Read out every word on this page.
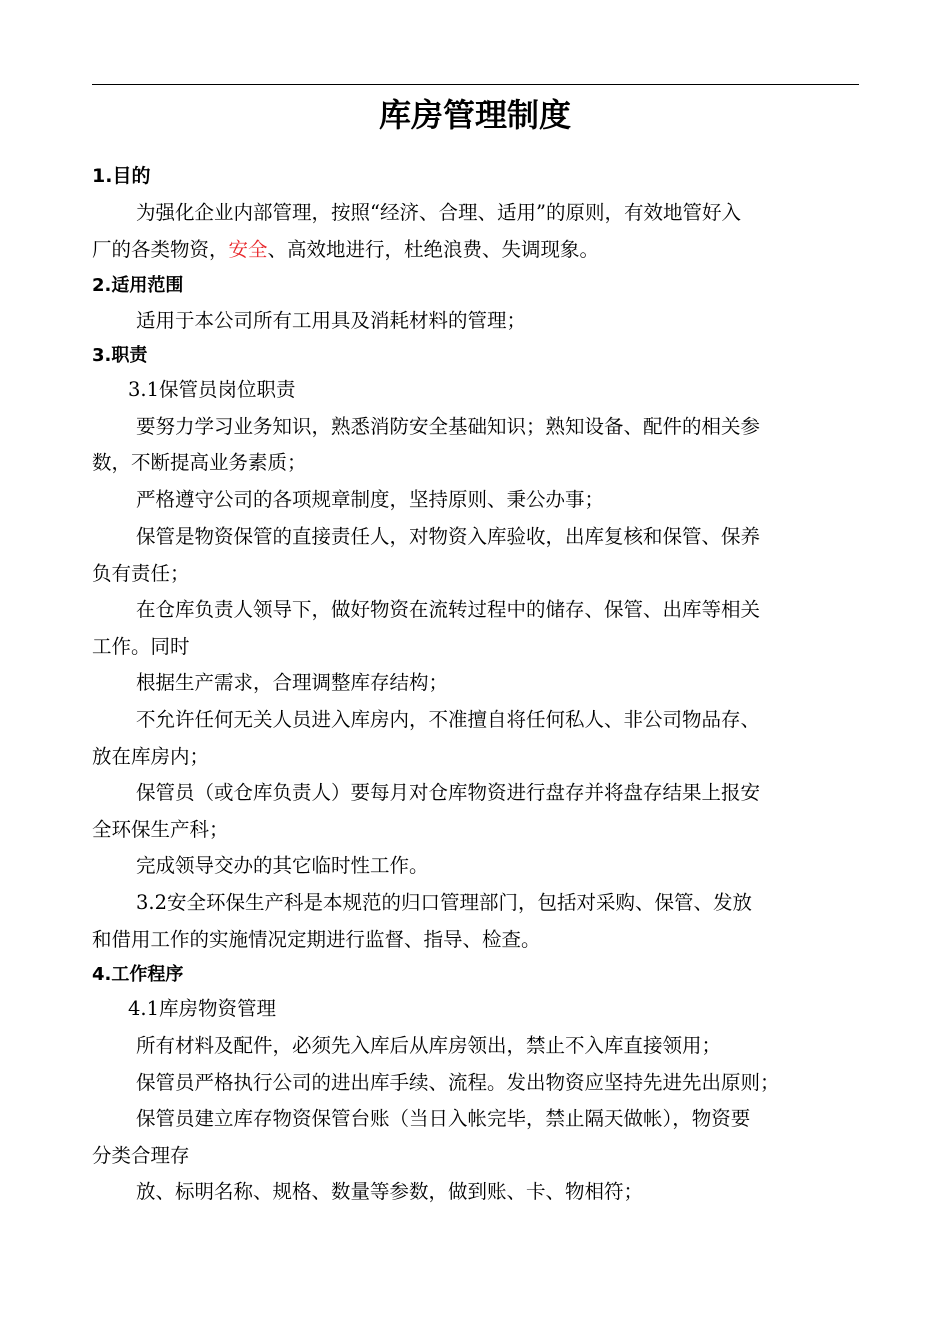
库房管理制度
1.目的
为强化企业内部管理，按照“经济、合理、适用”的原则，有效地管好入
厂的各类物资，安全、高效地进行，杜绝浪费、失调现象。
2.适用范围
适用于本公司所有工用具及消耗材料的管理；
3.职责
3.1保管员岗位职责
要努力学习业务知识，熟悉消防安全基础知识；熟知设备、配件的相关参
数，不断提高业务素质；
严格遵守公司的各项规章制度，坚持原则、秉公办事；
保管是物资保管的直接责任人，对物资入库验收，出库复核和保管、保养
负有责任；
在仓库负责人领导下，做好物资在流转过程中的储存、保管、出库等相关
工作。同时
根据生产需求，合理调整库存结构；
不允许任何无关人员进入库房内，不准擅自将任何私人、非公司物品存、
放在库房内；
保管员（或仓库负责人）要每月对仓库物资进行盘存并将盘存结果上报安
全环保生产科；
完成领导交办的其它临时性工作。
3.2安全环保生产科是本规范的归口管理部门，包括对采购、保管、发放
和借用工作的实施情况定期进行监督、指导、检查。
4.工作程序
4.1库房物资管理
所有材料及配件，必须先入库后从库房领出，禁止不入库直接领用；
保管员严格执行公司的进出库手续、流程。发出物资应坚持先进先出原则；
保管员建立库存物资保管台账（当日入帐完毕，禁止隔天做帐），物资要
分类合理存
放、标明名称、规格、数量等参数，做到账、卡、物相符；
